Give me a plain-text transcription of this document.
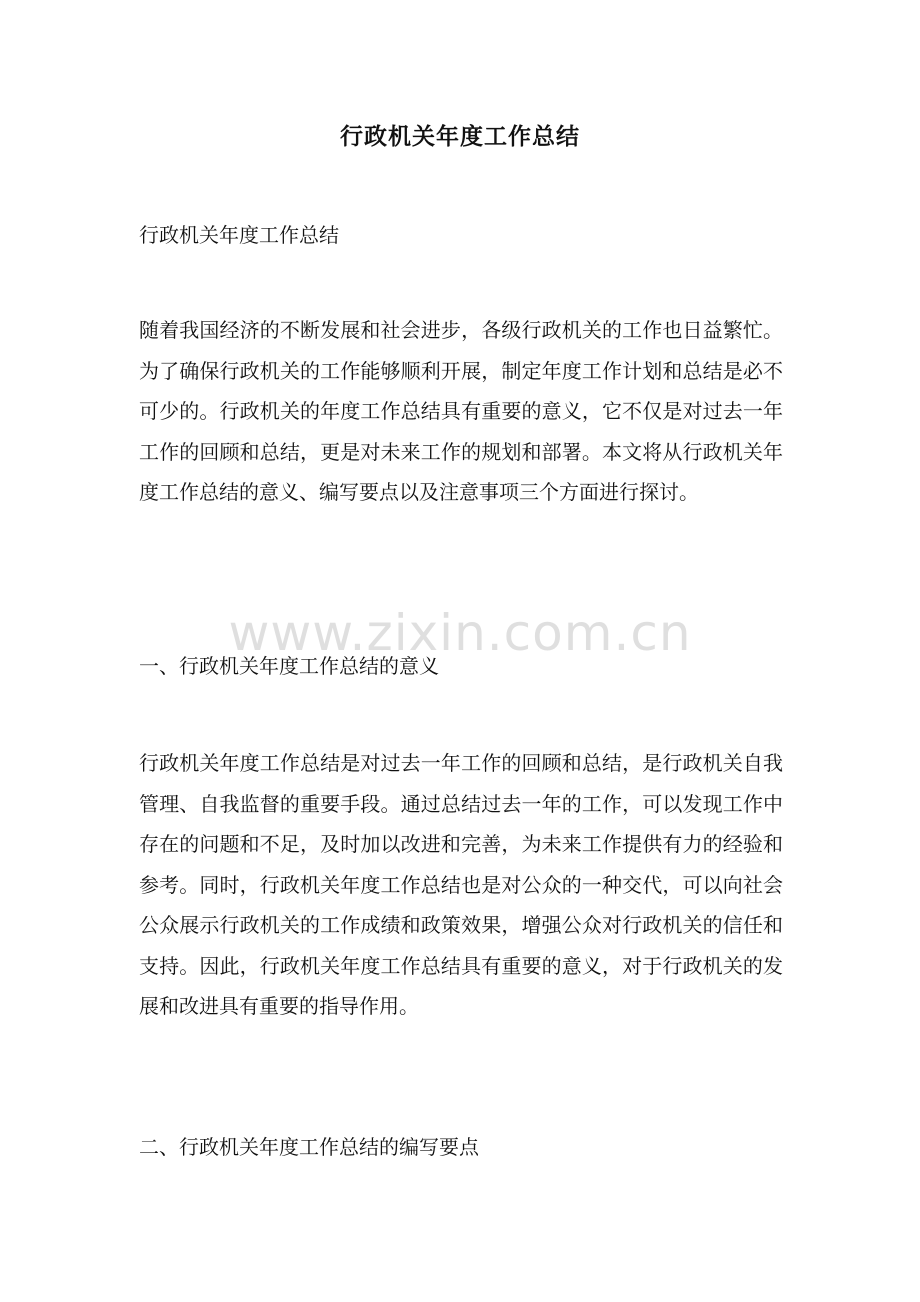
行政机关年度工作总结
行政机关年度工作总结

随着我国经济的不断发展和社会进步，各级行政机关的工作也日益繁忙。为了确保行政机关的工作能够顺利开展，制定年度工作计划和总结是必不可少的。行政机关的年度工作总结具有重要的意义，它不仅是对过去一年工作的回顾和总结，更是对未来工作的规划和部署。本文将从行政机关年度工作总结的意义、编写要点以及注意事项三个方面进行探讨。

www.zixin.com.cn
一、行政机关年度工作总结的意义

行政机关年度工作总结是对过去一年工作的回顾和总结，是行政机关自我管理、自我监督的重要手段。通过总结过去一年的工作，可以发现工作中存在的问题和不足，及时加以改进和完善，为未来工作提供有力的经验和参考。同时，行政机关年度工作总结也是对公众的一种交代，可以向社会公众展示行政机关的工作成绩和政策效果，增强公众对行政机关的信任和支持。因此，行政机关年度工作总结具有重要的意义，对于行政机关的发展和改进具有重要的指导作用。

二、行政机关年度工作总结的编写要点
